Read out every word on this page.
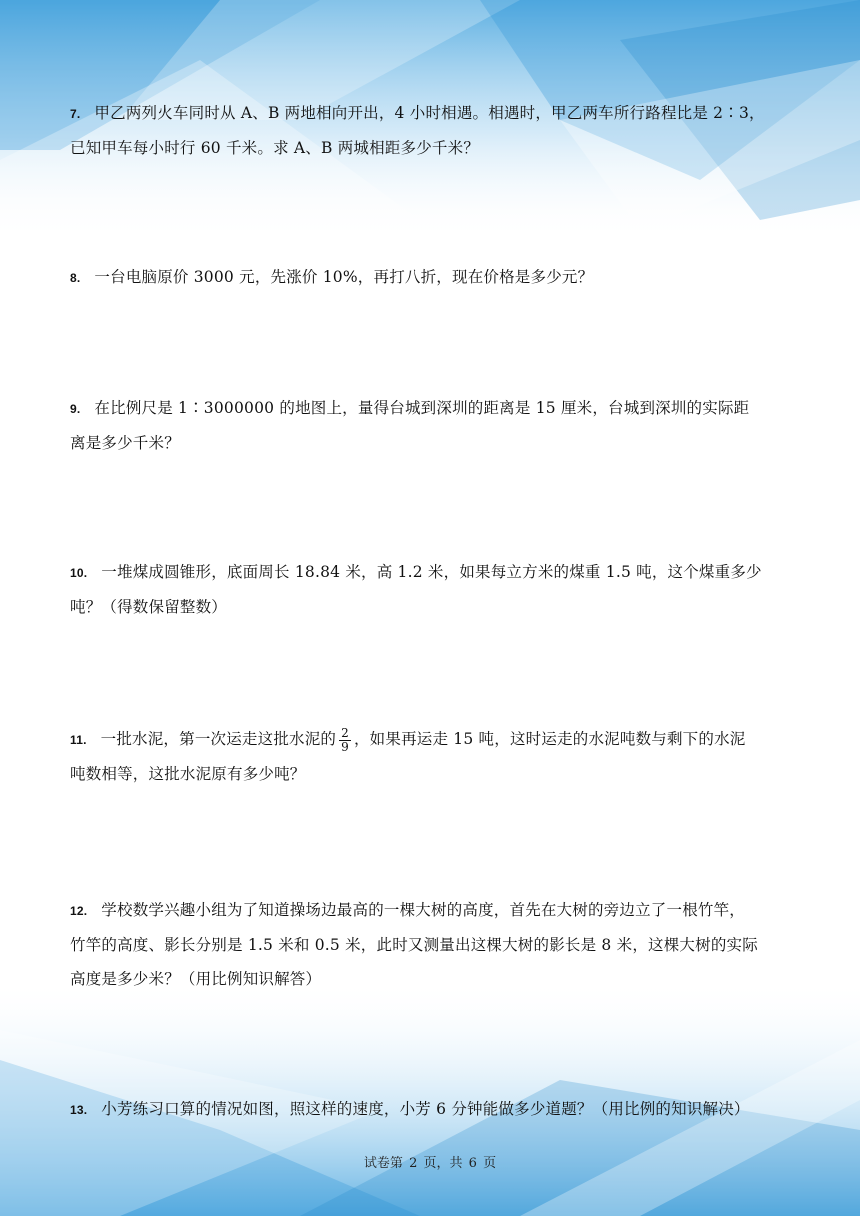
7. 甲乙两列火车同时从 A、B 两地相向开出，4 小时相遇。相遇时，甲乙两车所行路程比是 2∶3，
已知甲车每小时行 60 千米。求 A、B 两城相距多少千米？
8. 一台电脑原价 3000 元，先涨价 10%，再打八折，现在价格是多少元？
9. 在比例尺是 1∶3000000 的地图上，量得台城到深圳的距离是 15 厘米，台城到深圳的实际距
离是多少千米？
10. 一堆煤成圆锥形，底面周长 18.84 米，高 1.2 米，如果每立方米的煤重 1.5 吨，这个煤重多少
吨？（得数保留整数）
11. 一批水泥，第一次运走这批水泥的 $\frac{2}{9}$ ，如果再运走 15 吨，这时运走的水泥吨数与剩下的水泥
吨数相等，这批水泥原有多少吨？
12. 学校数学兴趣小组为了知道操场边最高的一棵大树的高度，首先在大树的旁边立了一根竹竿，
竹竿的高度、影长分别是 1.5 米和 0.5 米，此时又测量出这棵大树的影长是 8 米，这棵大树的实际
高度是多少米？（用比例知识解答）
13. 小芳练习口算的情况如图，照这样的速度，小芳 6 分钟能做多少道题？（用比例的知识解决）
试卷第 2 页，共 6 页
